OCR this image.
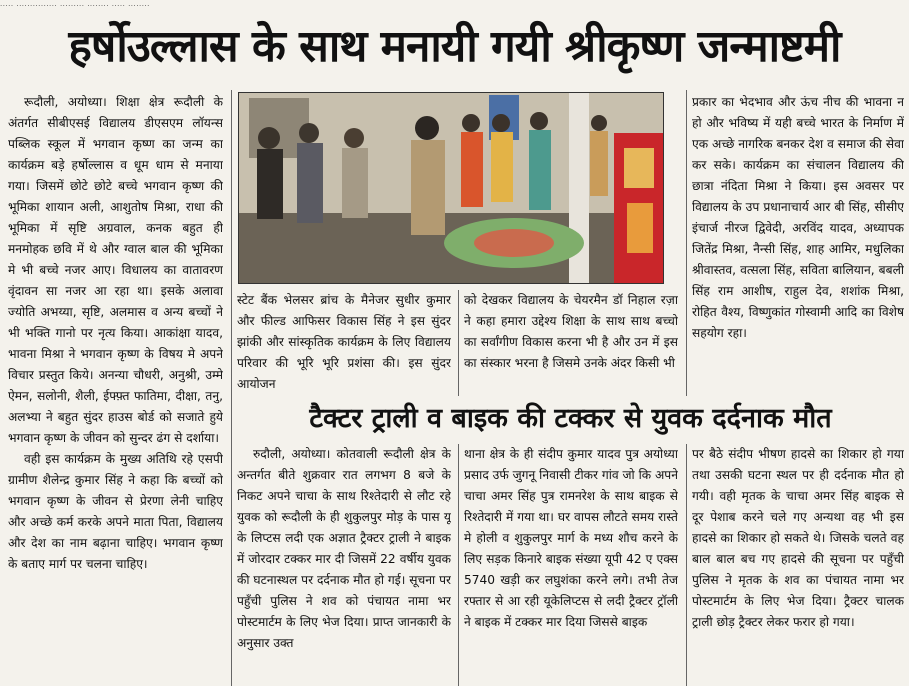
..... ............... ......... ........ ..... ........
हर्षोउल्लास के साथ मनायी गयी श्रीकृष्ण जन्माष्टमी

रूदौली, अयोध्या। शिक्षा क्षेत्र रूदौली के अंतर्गत सीबीएसई विद्यालय डीएसएम लॉयन्स पब्लिक स्कूल में भगवान कृष्ण का जन्म का कार्यक्रम बड़े हर्षोल्लास व धूम धाम से मनाया गया। जिसमें छोटे छोटे बच्चे भगवान कृष्ण की भूमिका शायान अली, आशुतोष मिश्रा, राधा की भूमिका में सृष्टि अग्रवाल, कनक बहुत ही मनमोहक छवि में थे और ग्वाल बाल की भूमिका मे भी बच्चे नजर आए। विधालय का वातावरण वृंदावन सा नजर आ रहा था। इसके अलावा ज्योति अभय्या, सृष्टि, अलमास व अन्य बच्चों ने भी भक्ति गानो पर नृत्य किया। आकांक्षा यादव, भावना मिश्रा ने भगवान कृष्ण के विषय मे अपने विचार प्रस्तुत किये। अनन्या चौधरी, अनुश्री, उम्मे ऐमन, सलोनी, शैली, ईफ्फ़्त फातिमा, दीक्षा, तनु, अलभ्या ने बहुत सुंदर हाउस बोर्ड को सजाते हुये भगवान कृष्ण के जीवन को सुन्दर ढंग से दर्शाया।

वही इस कार्यक्रम के मुख्य अतिथि रहे एसपी ग्रामीण शैलेन्द्र कुमार सिंह ने कहा कि बच्चों को भगवान कृष्ण के जीवन से प्रेरणा लेनी चाहिए और अच्छे कर्म करके अपने माता पिता, विद्यालय और देश का नाम बढ़ाना चाहिए। भगवान कृष्ण के बताए मार्ग पर चलना चाहिए।

स्टेट बैंक भेलसर ब्रांच के मैनेजर सुधीर कुमार और फील्ड आफिसर विकास सिंह ने इस सुंदर झांकी और सांस्कृतिक कार्यक्रम के लिए विद्यालय परिवार की भूरि भूरि प्रशंसा की। इस सुंदर आयोजन

को देखकर विद्यालय के चेयरमैन डॉ निहाल रज़ा ने कहा हमारा उद्देश्य शिक्षा के साथ साथ बच्चो का सर्वांगीण विकास करना भी है और उन में इस का संस्कार भरना है जिसमे उनके अंदर किसी भी

प्रकार का भेदभाव और ऊंच नीच की भावना न हो और भविष्य में यही बच्चे भारत के निर्माण में एक अच्छे नागरिक बनकर देश व समाज की सेवा कर सके। कार्यक्रम का संचालन विद्यालय की छात्रा नंदिता मिश्रा ने किया। इस अवसर पर विद्यालय के उप प्रधानाचार्य आर बी सिंह, सीसीए इंचार्ज नीरज द्विवेदी, अरविंद यादव, अध्यापक जितेंद्र मिश्रा, नैन्सी सिंह, शाह आमिर, मधुलिका श्रीवास्तव, वत्सला सिंह, सविता बालियान, बबली सिंह राम आशीष, राहुल देव, शशांक मिश्रा, रोहित वैश्य, विष्णुकांत गोस्वामी आदि का विशेष सहयोग रहा।

टैक्टर ट्राली व बाइक की टक्कर से युवक दर्दनाक मौत

रुदौली, अयोध्या। कोतवाली रूदौली क्षेत्र के अन्तर्गत बीते शुक्रवार रात लगभग 8 बजे के निकट अपने चाचा के साथ रिश्तेदारी से लौट रहे युवक को रूदौली के ही शुकुलपुर मोड़ के पास यू के लिप्टस लदी एक अज्ञात ट्रैक्टर ट्राली ने बाइक में जोरदार टक्कर मार दी जिसमें 22 वर्षीय युवक की घटनास्थल पर दर्दनाक मौत हो गई। सूचना पर पहुँची पुलिस ने शव को पंचायत नामा भर पोस्टमार्टम के लिए भेज दिया। प्राप्त जानकारी के अनुसार उक्त

थाना क्षेत्र के ही संदीप कुमार यादव पुत्र अयोध्या प्रसाद उर्फ जुगनू निवासी टीकर गांव जो कि अपने चाचा अमर सिंह पुत्र रामनरेश के साथ बाइक से रिश्तेदारी में गया था। घर वापस लौटते समय रास्ते मे होली व शुकुलपुर मार्ग के मध्य शौच करने के लिए सड़क किनारे बाइक संख्या यूपी 42 ए एक्स 5740 खड़ी कर लघुशंका करने लगे। तभी तेज रफ्तार से आ रही यूकेलिप्टस से लदी ट्रैक्टर ट्रॉली ने बाइक में टक्कर मार दिया जिससे बाइक

पर बैठे संदीप भीषण हादसे का शिकार हो गया तथा उसकी घटना स्थल पर ही दर्दनाक मौत हो गयी। वही मृतक के चाचा अमर सिंह बाइक से दूर पेशाब करने चले गए अन्यथा वह भी इस हादसे का शिकार हो सकते थे। जिसके चलते वह बाल बाल बच गए हादसे की सूचना पर पहुँची पुलिस ने मृतक के शव का पंचायत नामा भर पोस्टमार्टम के लिए भेज दिया। ट्रैक्टर चालक ट्राली छोड़ ट्रैक्टर लेकर फरार हो गया।
